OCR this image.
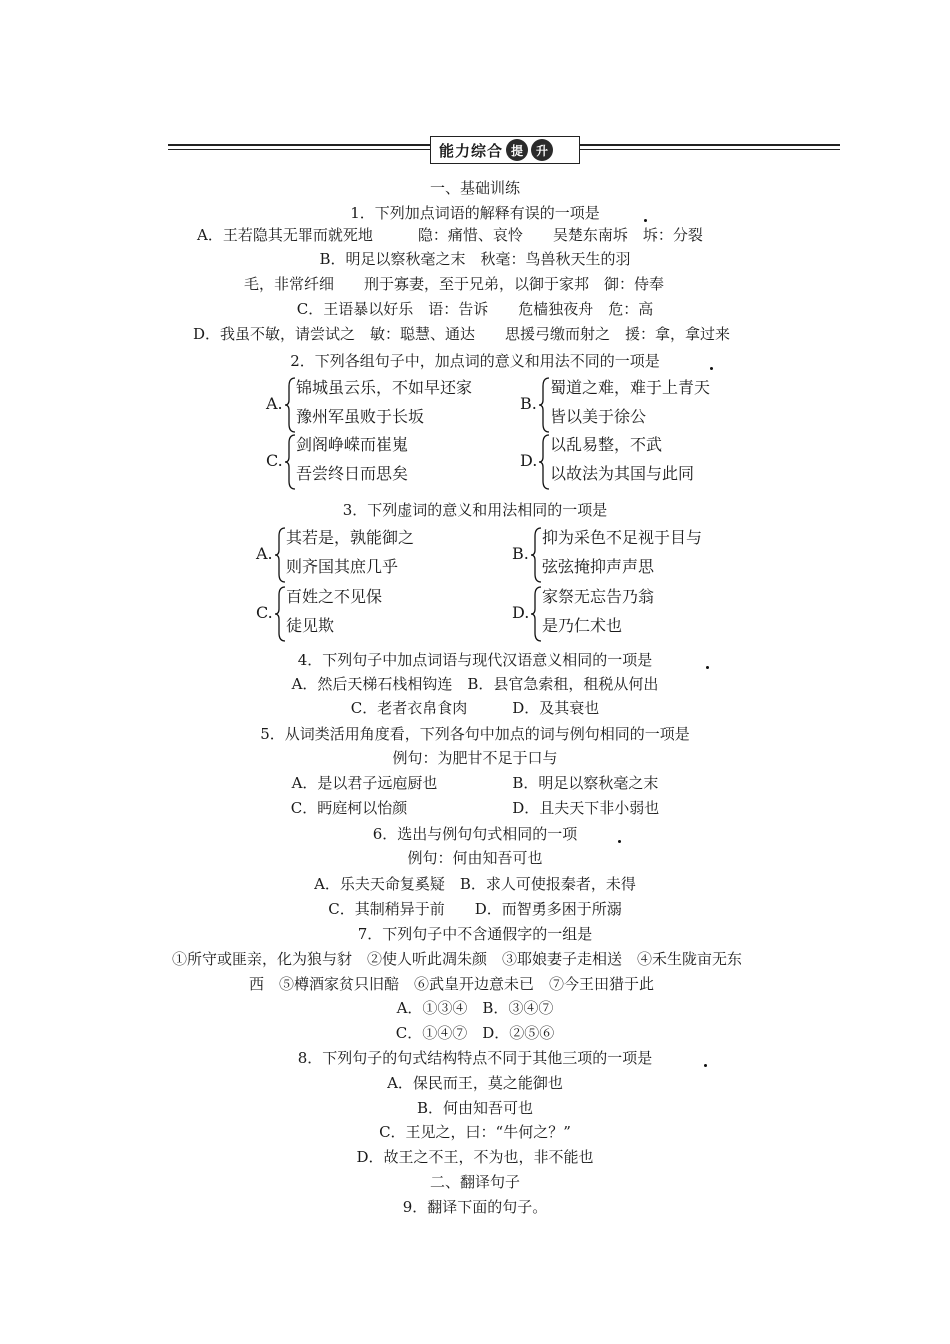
能力综合 提	升
一、基础训练
1．下列加点词语的解释有误的一项是
A．王若隐其无罪而就死地　　　隐：痛惜、哀怜　　吴楚东南坼　坼：分裂
B．明足以察秋毫之末　秋毫：鸟兽秋天生的羽
毛，非常纤细　　刑于寡妻，至于兄弟，以御于家邦　御：侍奉
C．王语暴以好乐　语：告诉　　危樯独夜舟　危：高
D．我虽不敏，请尝试之　敏：聪慧、通达　　思援弓缴而射之　援：拿，拿过来
2．下列各组句子中，加点词的意义和用法不同的一项是
A.
锦城虽云乐，不如早还家
豫州军虽败于长坂
B.
蜀道之难，难于上青天
皆以美于徐公
C.
剑阁峥嵘而崔嵬
吾尝终日而思矣
D.
以乱易整，不武
以故法为其国与此同
3．下列虚词的意义和用法相同的一项是
A.
其若是，孰能御之
则齐国其庶几乎
B.
抑为采色不足视于目与
弦弦掩抑声声思
C.
百姓之不见保
徒见欺
D.
家祭无忘告乃翁
是乃仁术也
4．下列句子中加点词语与现代汉语意义相同的一项是
A．然后天梯石栈相钩连　B．县官急索租，租税从何出
C．老者衣帛食肉　　　D．及其衰也
5．从词类活用角度看，下列各句中加点的词与例句相同的一项是
例句：为肥甘不足于口与
A．是以君子远庖厨也　　　　　B．明足以察秋毫之末
C．眄庭柯以怡颜　　　　　　　D．且夫天下非小弱也
6．选出与例句句式相同的一项
例句：何由知吾可也
A．乐夫天命复奚疑　B．求人可使报秦者，未得
C．其制稍异于前　　D．而智勇多困于所溺
7．下列句子中不含通假字的一组是
①所守或匪亲，化为狼与豺　②使人听此凋朱颜　③耶娘妻子走相送　④禾生陇亩无东
西　⑤樽酒家贫只旧醅　⑥武皇开边意未已　⑦今王田猎于此
A．①③④　B．③④⑦
C．①④⑦　D．②⑤⑥
8．下列句子的句式结构特点不同于其他三项的一项是
A．保民而王，莫之能御也
B．何由知吾可也
C．王见之，曰：“牛何之？”
D．故王之不王，不为也，非不能也
二、翻译句子
9．翻译下面的句子。
